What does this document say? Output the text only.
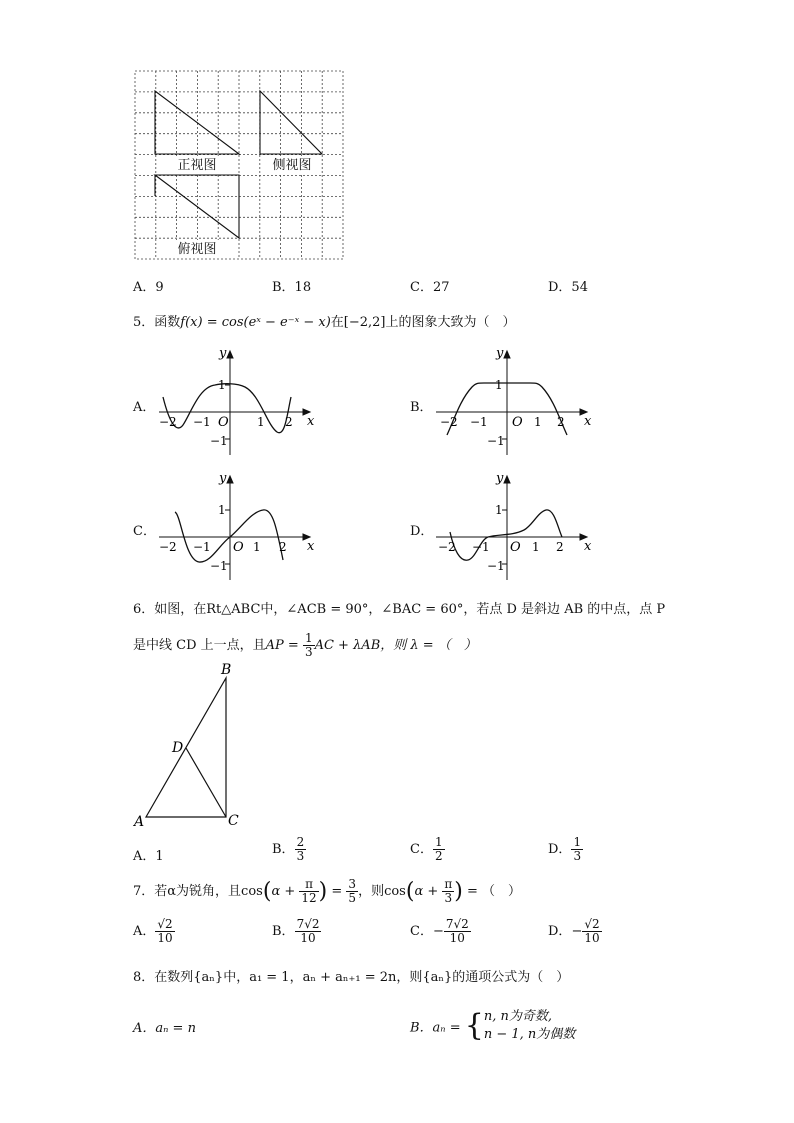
正视图	侧视图
俯视图
A．9	B．18	C．27	D．54
5．函数f(x) = cos(eˣ − e⁻ˣ − x)在[−2,2]上的图象大致为（　）
A．	B．
C．	D．
y
x
O
1
−1
−2 −1	1 2
y
x
O
1
−1
−2 −1	1 2
y
x
O
1
−1
−2 −1	1 2
y
x
O
1
−1
−2 −1	1 2
6．如图，在Rt△ABC中，∠ACB = 90°，∠BAC = 60°，若点 D 是斜边 AB 的中点，点 P
是中线 CD 上一点，且AP = $\frac{1}{3}$ AC + λAB，则 λ = （　）
B
D
A	C
A．1	B． $\frac{2}{3}$	C． $\frac{1}{2}$	D． $\frac{1}{3}$
7．若α为锐角，且$\cos(\alpha + \frac{\pi}{12}$ ) = $\frac{3}{5}$ ，则$\cos(\alpha + \frac{\pi}{3}$ ) = （　）
A． $\frac{√2}{10}$	B． $\frac{7√2}{10}$	C．− $\frac{7√2}{10}$	D．− $\frac{√2}{10}$
8．在数列{aₙ}中，a₁ = 1，aₙ + aₙ₊₁ = 2n，则{aₙ}的通项公式为（　）
A．aₙ = n	B．aₙ = { n, n为奇数,
n − 1, n为偶数
